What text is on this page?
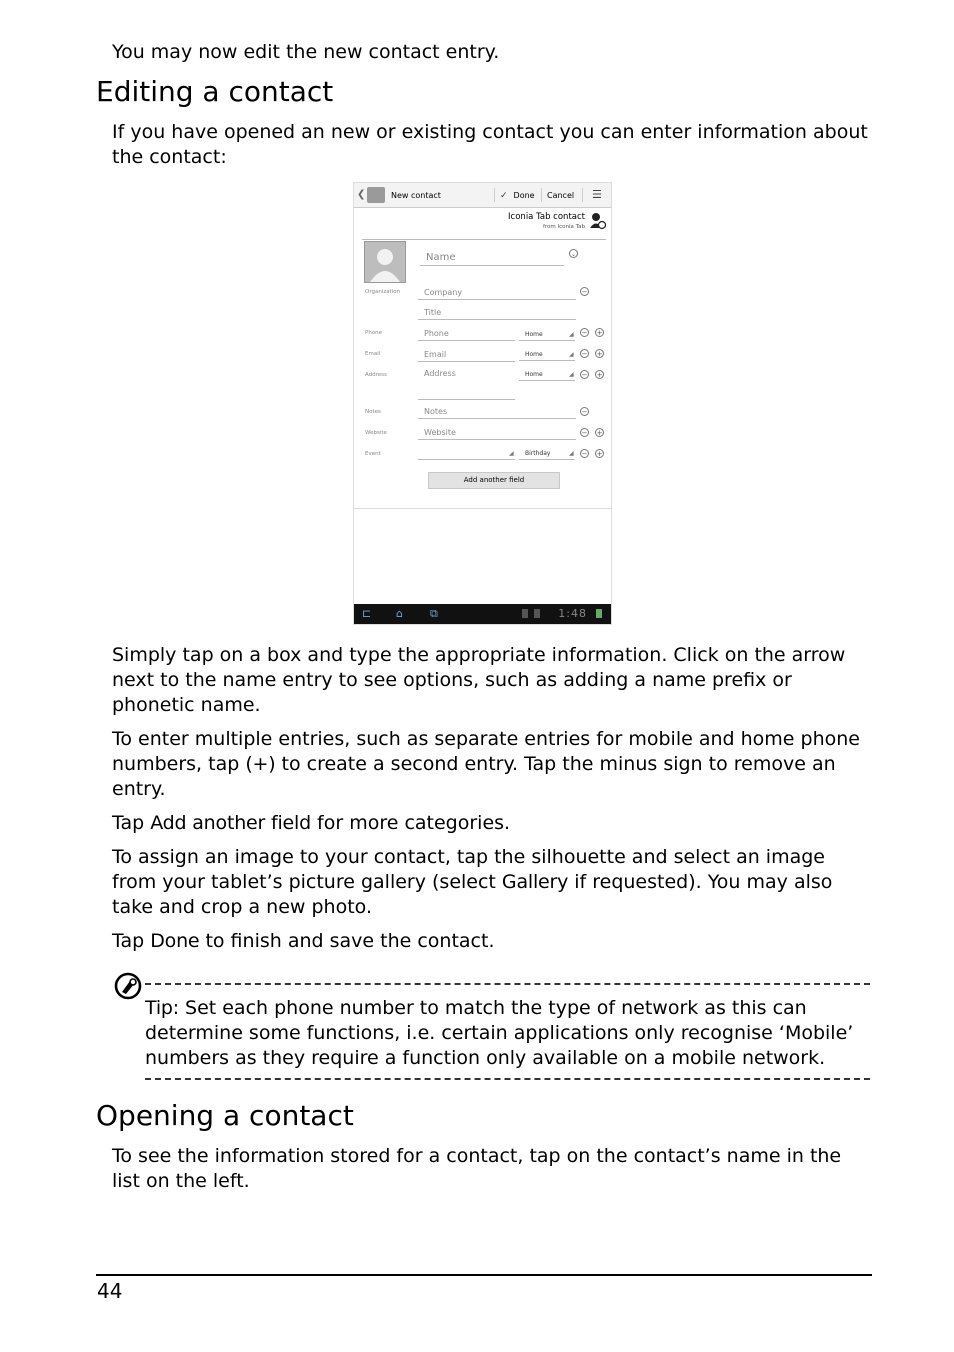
You may now edit the new contact entry.

Editing a contact

If you have opened an new or existing contact you can enter information about the contact:

❮	New contact	✓ Done Cancel ☰
Iconia Tab contact
from Iconia Tab
Name	⌄
Organization	Company	−
Title
Phone	Phone	Home	◢ − +
Email	Email	Home	◢ − +
Address	Address	Home	◢ − +
Notes	Notes	−
Website	Website	− +
Event	◢	Birthday	◢ − +
Add another field
⊏ ⌂ ⧉	1:48

Simply tap on a box and type the appropriate information. Click on the arrow next to the name entry to see options, such as adding a name prefix or phonetic name.

To enter multiple entries, such as separate entries for mobile and home phone numbers, tap (+) to create a second entry. Tap the minus sign to remove an entry.

Tap Add another field for more categories.

To assign an image to your contact, tap the silhouette and select an image from your tablet’s picture gallery (select Gallery if requested). You may also take and crop a new photo.

Tap Done to finish and save the contact.

Tip: Set each phone number to match the type of network as this can determine some functions, i.e. certain applications only recognise ‘Mobile’ numbers as they require a function only available on a mobile network.

Opening a contact

To see the information stored for a contact, tap on the contact’s name in the list on the left.

44
